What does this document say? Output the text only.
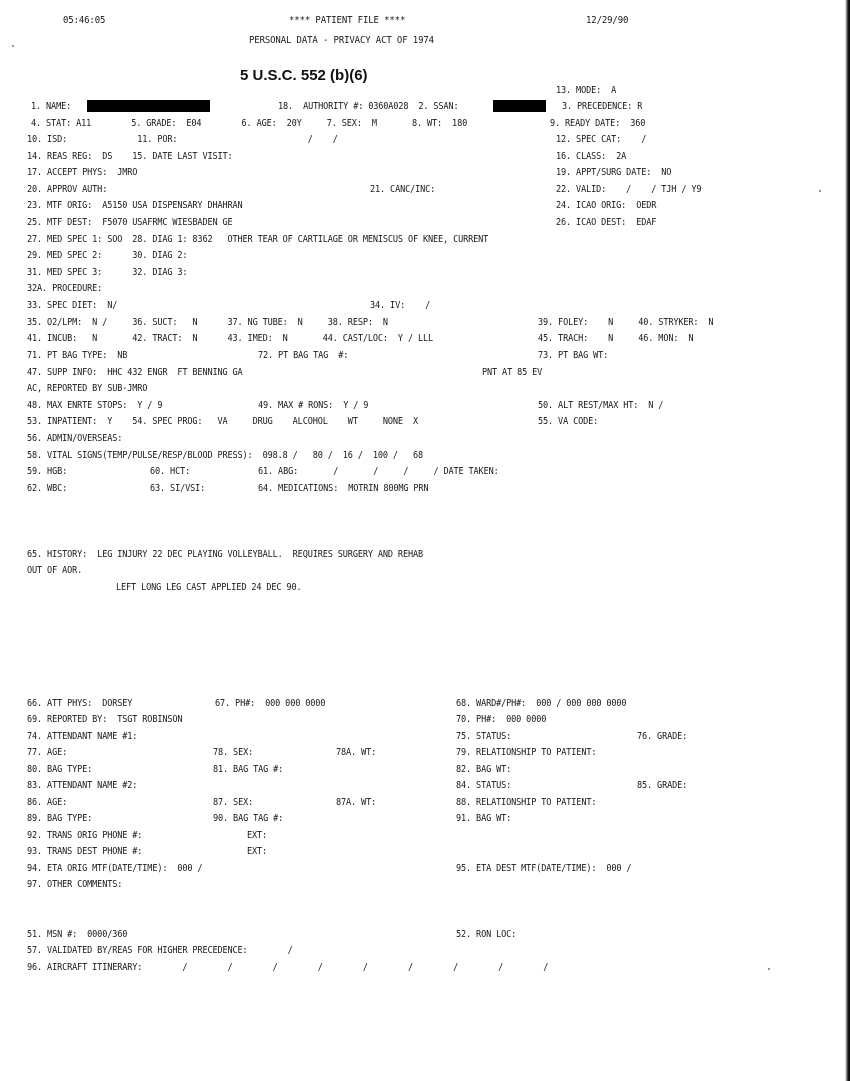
05:46:05	**** PATIENT FILE ****
PERSONAL DATA - PRIVACY ACT OF 1974
12/29/90
5 U.S.C. 552 (b)(6)
13. MODE:  A
1. NAME:	18.  AUTHORITY #: 0360A028  2. SSAN:	3. PRECEDENCE: R
4. STAT: A11        5. GRADE:  E04        6. AGE:  20Y     7. SEX:  M       8. WT:  180	9. READY DATE:  360
10. ISD:              11. POR:                          /    /	12. SPEC CAT:    /
14. REAS REG:  DS    15. DATE LAST VISIT:	16. CLASS:  2A
17. ACCEPT PHYS:  JMRO	19. APPT/SURG DATE:  NO
20. APPROV AUTH:	21. CANC/INC:	22. VALID:    /    / TJH / Y9
23. MTF ORIG:  A5150 USA DISPENSARY DHAHRAN	24. ICAO ORIG:  OEDR
25. MTF DEST:  F5070 USAFRMC WIESBADEN GE	26. ICAO DEST:  EDAF
27. MED SPEC 1: SOO  28. DIAG 1: 8362   OTHER TEAR OF CARTILAGE OR MENISCUS OF KNEE, CURRENT
29. MED SPEC 2:      30. DIAG 2:
31. MED SPEC 3:      32. DIAG 3:
32A. PROCEDURE:
33. SPEC DIET:  N/	34. IV:    /
35. O2/LPM:  N /     36. SUCT:   N      37. NG TUBE:  N     38. RESP:  N	39. FOLEY:    N     40. STRYKER:  N
41. INCUB:   N       42. TRACT:  N      43. IMED:  N       44. CAST/LOC:  Y / LLL	45. TRACH:    N     46. MON:  N
71. PT BAG TYPE:  NB	72. PT BAG TAG  #:	73. PT BAG WT:
47. SUPP INFO:  HHC 432 ENGR  FT BENNING GA	PNT AT 85 EV
AC, REPORTED BY SUB-JMRO
48. MAX ENRTE STOPS:  Y / 9	49. MAX # RONS:  Y / 9	50. ALT REST/MAX HT:  N /
53. INPATIENT:  Y    54. SPEC PROG:   VA     DRUG    ALCOHOL    WT     NONE  X	55. VA CODE:
56. ADMIN/OVERSEAS:
58. VITAL SIGNS(TEMP/PULSE/RESP/BLOOD PRESS):  098.8 /   80 /  16 /  100 /   68
59. HGB:	60. HCT:	61. ABG:       /       /     /     / DATE TAKEN:
62. WBC:	63. SI/VSI:	64. MEDICATIONS:  MOTRIN 800MG PRN
65. HISTORY:  LEG INJURY 22 DEC PLAYING VOLLEYBALL.  REQUIRES SURGERY AND REHAB
OUT OF AOR.
LEFT LONG LEG CAST APPLIED 24 DEC 90.
66. ATT PHYS:  DORSEY	67. PH#:  000 000 0000	68. WARD#/PH#:  000 / 000 000 0000
69. REPORTED BY:  TSGT ROBINSON	70. PH#:  000 0000
74. ATTENDANT NAME #1:	75. STATUS:	76. GRADE:
77. AGE:	78. SEX:	78A. WT:	79. RELATIONSHIP TO PATIENT:
80. BAG TYPE:	81. BAG TAG #:	82. BAG WT:
83. ATTENDANT NAME #2:	84. STATUS:	85. GRADE:
86. AGE:	87. SEX:	87A. WT:	88. RELATIONSHIP TO PATIENT:
89. BAG TYPE:	90. BAG TAG #:	91. BAG WT:
92. TRANS ORIG PHONE #:	EXT:
93. TRANS DEST PHONE #:	EXT:
94. ETA ORIG MTF(DATE/TIME):  000 /	95. ETA DEST MTF(DATE/TIME):  000 /
97. OTHER COMMENTS:
51. MSN #:  0000/360	52. RON LOC:
57. VALIDATED BY/REAS FOR HIGHER PRECEDENCE:        /
96. AIRCRAFT ITINERARY:        /        /        /        /        /        /        /        /        /
